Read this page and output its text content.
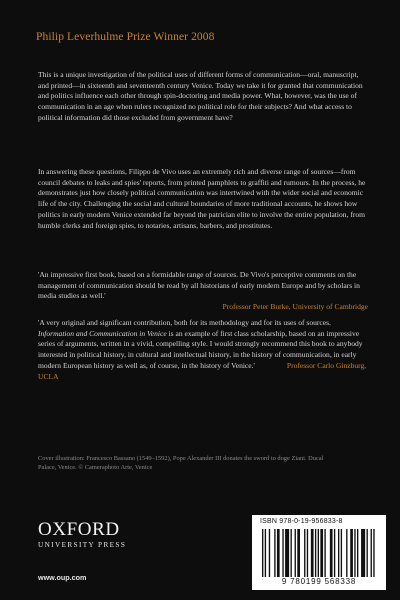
Philip Leverhulme Prize Winner 2008
This is a unique investigation of the political uses of different forms of communication—oral, manuscript, and printed—in sixteenth and seventeenth century Venice. Today we take it for granted that communication and politics influence each other through spin-doctoring and media power. What, however, was the use of communication in an age when rulers recognized no political role for their subjects? And what access to political information did those excluded from government have?
In answering these questions, Filippo de Vivo uses an extremely rich and diverse range of sources—from council debates to leaks and spies' reports, from printed pamphlets to graffiti and rumours. In the process, he demonstrates just how closely political communication was intertwined with the wider social and economic life of the city. Challenging the social and cultural boundaries of more traditional accounts, he shows how politics in early modern Venice extended far beyond the patrician elite to involve the entire population, from humble clerks and foreign spies, to notaries, artisans, barbers, and prostitutes.
'An impressive first book, based on a formidable range of sources. De Vivo's perceptive comments on the management of communication should be read by all historians of early modern Europe and by scholars in media studies as well.'
Professor Peter Burke, University of Cambridge
'A very original and significant contribution, both for its methodology and for its uses of sources. Information and Communication in Venice is an example of first class scholarship, based on an impressive series of arguments, written in a vivid, compelling style. I would strongly recommend this book to anybody interested in political history, in cultural and intellectual history, in the history of communication, in early modern European history as well as, of course, in the history of Venice.'	Professor Carlo Ginzburg, UCLA
Cover illustration: Francesco Bassano (1549–1592), Pope Alexander III donates the sword to doge Ziani. Ducal Palace, Venice. © Cameraphoto Arte, Venice
OXFORD
UNIVERSITY PRESS
www.oup.com
ISBN 978-0-19-956833-8
9 780199 568338
